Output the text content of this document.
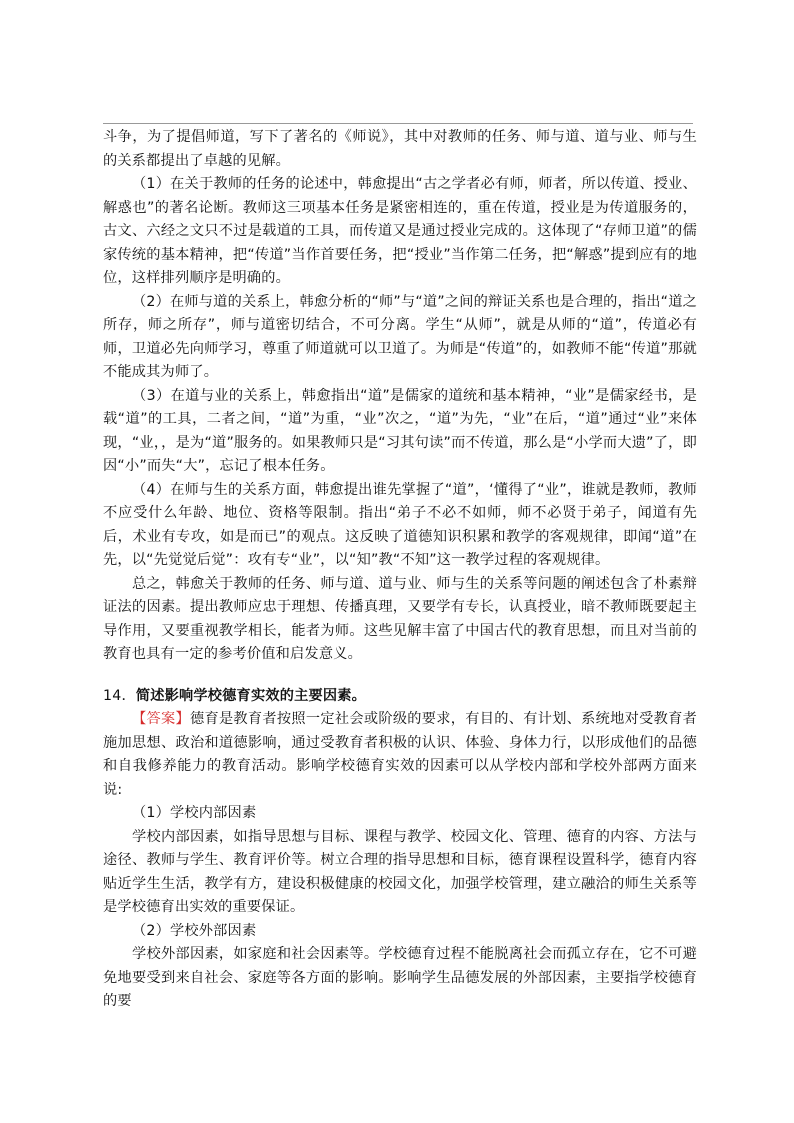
斗争，为了提倡师道，写下了著名的《师说》，其中对教师的任务、师与道、道与业、师与生的关系都提出了卓越的见解。

（1）在关于教师的任务的论述中，韩愈提出“古之学者必有师，师者，所以传道、授业、解惑也”的著名论断。教师这三项基本任务是紧密相连的，重在传道，授业是为传道服务的，古文、六经之文只不过是载道的工具，而传道又是通过授业完成的。这体现了“存师卫道”的儒家传统的基本精神，把“传道”当作首要任务，把“授业”当作第二任务，把“解惑”提到应有的地位，这样排列顺序是明确的。

（2）在师与道的关系上，韩愈分析的“师”与“道”之间的辩证关系也是合理的，指出“道之所存，师之所存”，师与道密切结合，不可分离。学生“从师”，就是从师的“道”，传道必有师，卫道必先向师学习，尊重了师道就可以卫道了。为师是“传道”的，如教师不能“传道”那就不能成其为师了。

（3）在道与业的关系上，韩愈指出“道”是儒家的道统和基本精神，“业”是儒家经书，是载“道”的工具，二者之间，“道”为重，“业”次之，“道”为先，“业”在后，“道”通过“业”来体现，“业，，是为“道”服务的。如果教师只是“习其句读”而不传道，那么是“小学而大遗”了，即因“小”而失“大”，忘记了根本任务。

（4）在师与生的关系方面，韩愈提出谁先掌握了“道”，‘懂得了“业”，谁就是教师，教师不应受什么年龄、地位、资格等限制。指出“弟子不必不如师，师不必贤于弟子，闻道有先后，术业有专攻，如是而已”的观点。这反映了道德知识积累和教学的客观规律，即闻“道”在先，以“先觉觉后觉”：攻有专“业”，以“知”教“不知”这一教学过程的客观规律。

总之，韩愈关于教师的任务、师与道、道与业、师与生的关系等问题的阐述包含了朴素辩证法的因素。提出教师应忠于理想、传播真理，又要学有专长，认真授业，暗不教师既要起主导作用，又要重视教学相长，能者为师。这些见解丰富了中国古代的教育思想，而且对当前的教育也具有一定的参考价值和启发意义。

14．简述影响学校德育实效的主要因素。

【答案】德育是教育者按照一定社会或阶级的要求，有目的、有计划、系统地对受教育者施加思想、政治和道德影响，通过受教育者积极的认识、体验、身体力行，以形成他们的品德和自我修养能力的教育活动。影响学校德育实效的因素可以从学校内部和学校外部两方面来说:

（1）学校内部因素

学校内部因素，如指导思想与目标、课程与教学、校园文化、管理、德育的内容、方法与途径、教师与学生、教育评价等。树立合理的指导思想和目标，德育课程设置科学，德育内容贴近学生生活，教学有方，建设积极健康的校园文化，加强学校管理，建立融洽的师生关系等是学校德育出实效的重要保证。

（2）学校外部因素

学校外部因素，如家庭和社会因素等。学校德育过程不能脱离社会而孤立存在，它不可避免地要受到来自社会、家庭等各方面的影响。影响学生品德发展的外部因素，主要指学校德育的要
